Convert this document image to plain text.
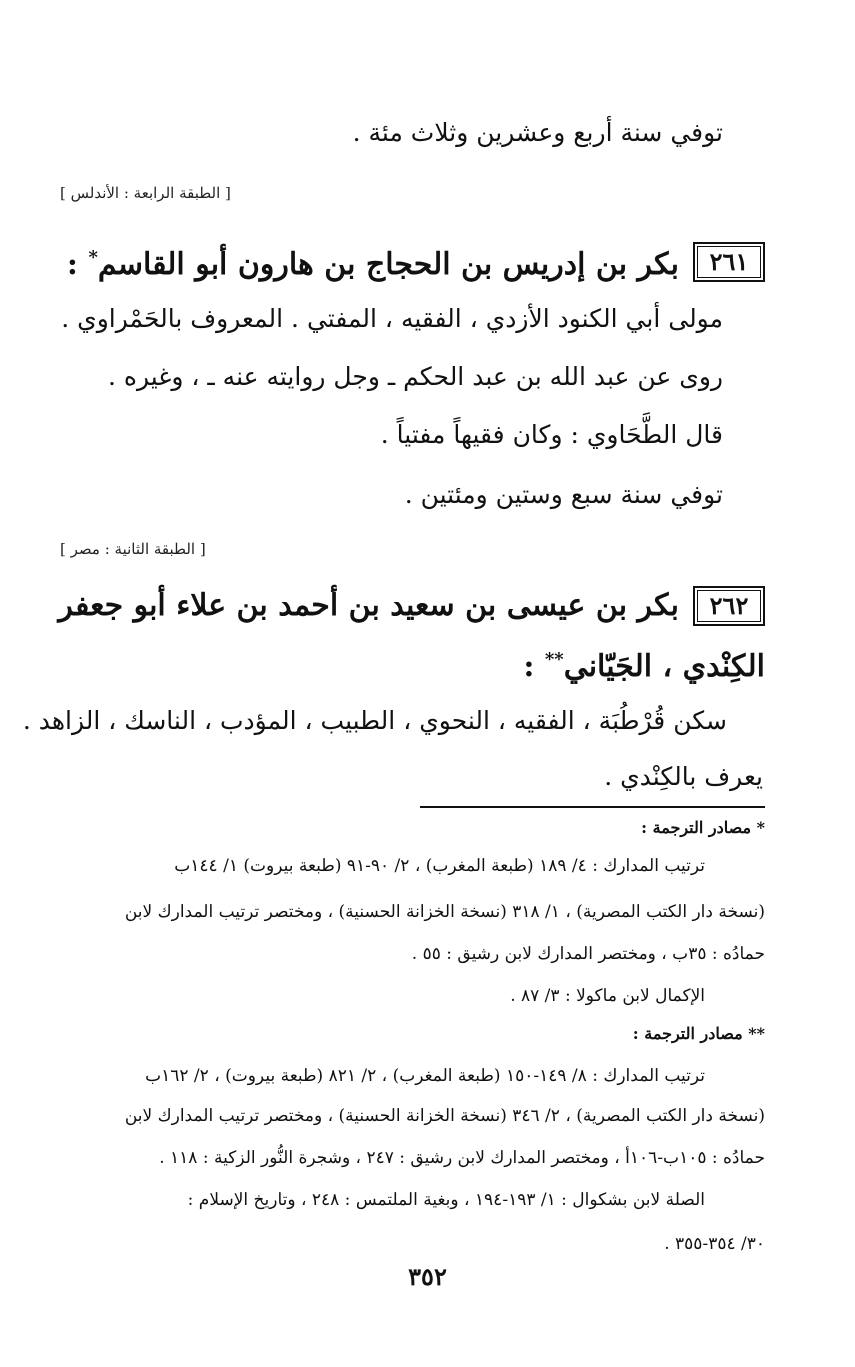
توفي سنة أربع وعشرين وثلاث مئة .
[ الطبقة الرابعة : الأندلس ]
٢٦١
بكر بن إدريس بن الحجاج بن هارون أبو القاسم* :
مولى أبي الكنود الأزدي ، الفقيه ، المفتي . المعروف بالحَمْراوي .
روى عن عبد الله بن عبد الحكم ـ وجل روايته عنه ـ ، وغيره .
قال الطَّحَاوي : وكان فقيهاً مفتياً .
توفي سنة سبع وستين ومئتين .
[ الطبقة الثانية : مصر ]
٢٦٢
بكر بن عيسى بن سعيد بن أحمد بن علاء أبو جعفر
الكِنْدي ، الجَيّاني** :
سكن قُرْطُبَة ، الفقيه ، النحوي ، الطبيب ، المؤدب ، الناسك ، الزاهد .
يعرف بالكِنْدي .
* مصادر الترجمة :
ترتيب المدارك : ٤/ ١٨٩ (طبعة المغرب) ، ٢/ ٩٠-٩١ (طبعة بيروت) ١/ ١٤٤ب
(نسخة دار الكتب المصرية) ، ١/ ٣١٨ (نسخة الخزانة الحسنية) ، ومختصر ترتيب المدارك لابن
حمادُه : ٣٥ب ، ومختصر المدارك لابن رشيق : ٥٥ .
الإكمال لابن ماكولا : ٣/ ٨٧ .
** مصادر الترجمة :
ترتيب المدارك : ٨/ ١٤٩-١٥٠ (طبعة المغرب) ، ٢/ ٨٢١ (طبعة بيروت) ، ٢/ ١٦٢ب
(نسخة دار الكتب المصرية) ، ٢/ ٣٤٦ (نسخة الخزانة الحسنية) ، ومختصر ترتيب المدارك لابن
حمادُه : ١٠٥ب-١٠٦أ ، ومختصر المدارك لابن رشيق : ٢٤٧ ، وشجرة النُّور الزكية : ١١٨ .
الصلة لابن بشكوال : ١/ ١٩٣-١٩٤ ، وبغية الملتمس : ٢٤٨ ، وتاريخ الإسلام :
٣٠/ ٣٥٤-٣٥٥ .
٣٥٢
